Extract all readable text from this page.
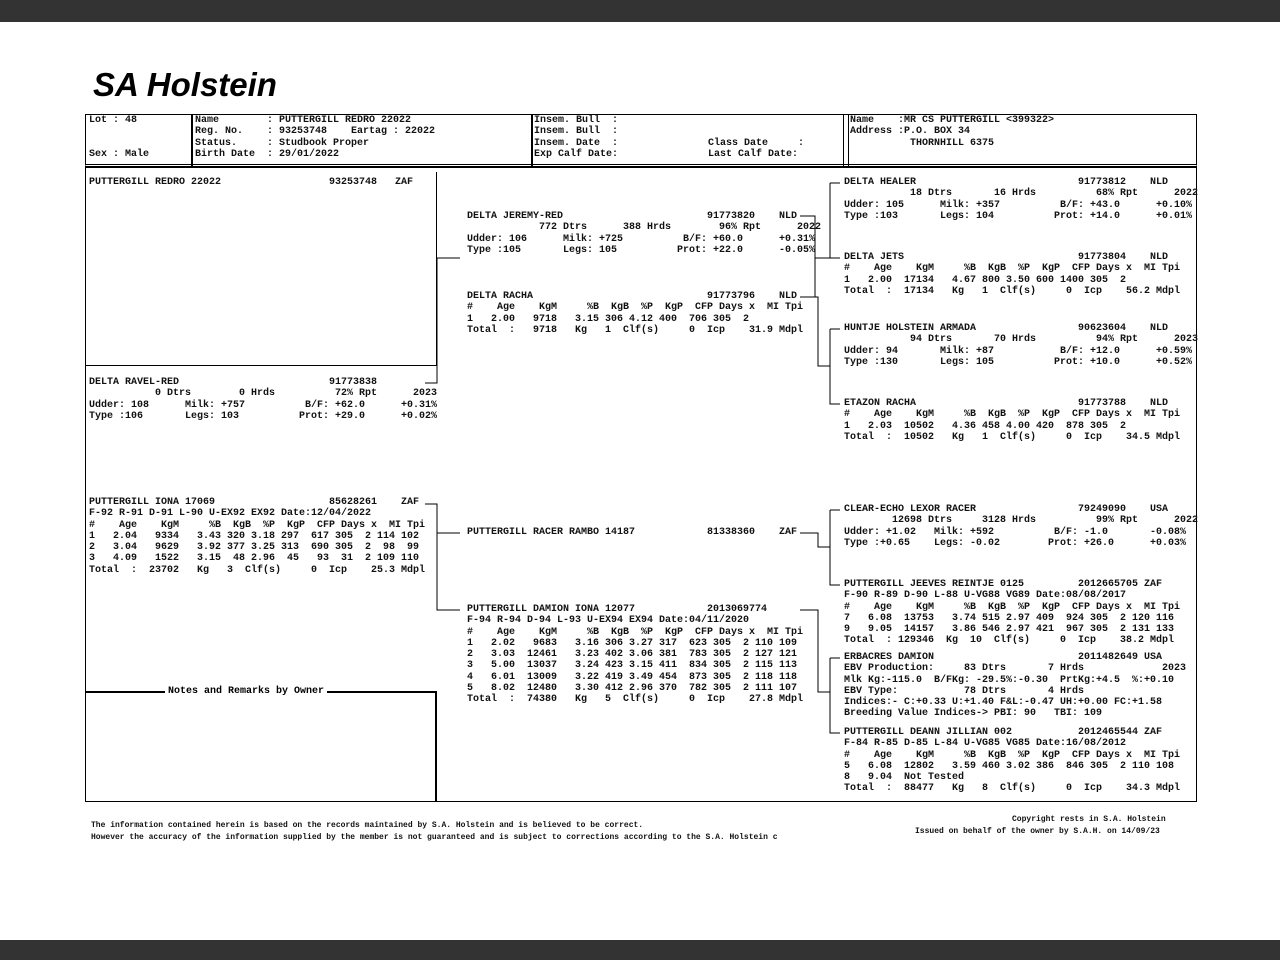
SA Holstein
Lot : 48
Sex : Male
Name        : PUTTERGILL REDRO 22022
Reg. No.    : 93253748    Eartag : 22022
Status.     : Studbook Proper
Birth Date  : 29/01/2022
Insem. Bull  :
Insem. Bull  :
Insem. Date  :               Class Date     :
Exp Calf Date:               Last Calf Date:
Name    :MR CS PUTTERGILL <399322>
Address :P.O. BOX 34
THORNHILL 6375
Notes and Remarks by Owner
PUTTERGILL REDRO 22022                  93253748   ZAF
DELTA RAVEL-RED                         91773838
0 Dtrs        0 Hrds          72% Rpt      2023
Udder: 108      Milk: +757          B/F: +62.0      +0.31%
Type :106       Legs: 103          Prot: +29.0      +0.02%
DELTA JEREMY-RED                        91773820    NLD
772 Dtrs      388 Hrds        96% Rpt      2022
Udder: 106      Milk: +725          B/F: +60.0      +0.31%
Type :105       Legs: 105          Prot: +22.0      -0.05%
DELTA RACHA                             91773796    NLD
#    Age    KgM     %B  KgB  %P  KgP  CFP Days x  MI Tpi
1   2.00   9718   3.15 306 4.12 400  706 305  2
Total  :   9718   Kg   1  Clf(s)     0  Icp    31.9 Mdpl
DELTA HEALER                           91773812    NLD
18 Dtrs       16 Hrds          68% Rpt      2022
Udder: 105      Milk: +357          B/F: +43.0      +0.10%
Type :103       Legs: 104          Prot: +14.0      +0.01%
DELTA JETS                             91773804    NLD
#    Age    KgM     %B  KgB  %P  KgP  CFP Days x  MI Tpi
1   2.00  17134   4.67 800 3.50 600 1400 305  2
Total  :  17134   Kg   1  Clf(s)     0  Icp    56.2 Mdpl
HUNTJE HOLSTEIN ARMADA                 90623604    NLD
94 Dtrs       70 Hrds          94% Rpt      2023
Udder: 94       Milk: +87           B/F: +12.0      +0.59%
Type :130       Legs: 105          Prot: +10.0      +0.52%
ETAZON RACHA                           91773788    NLD
#    Age    KgM     %B  KgB  %P  KgP  CFP Days x  MI Tpi
1   2.03  10502   4.36 458 4.00 420  878 305  2
Total  :  10502   Kg   1  Clf(s)     0  Icp    34.5 Mdpl
PUTTERGILL IONA 17069                   85628261    ZAF
F-92 R-91 D-91 L-90 U-EX92 EX92 Date:12/04/2022
#    Age    KgM     %B  KgB  %P  KgP  CFP Days x  MI Tpi
1   2.04   9334   3.43 320 3.18 297  617 305  2 114 102
2   3.04   9629   3.92 377 3.25 313  690 305  2  98  99
3   4.09   1522   3.15  48 2.96  45   93  31  2 109 110
Total  :  23702   Kg   3  Clf(s)     0  Icp    25.3 Mdpl
PUTTERGILL RACER RAMBO 14187            81338360    ZAF
PUTTERGILL DAMION IONA 12077            2013069774
F-94 R-94 D-94 L-93 U-EX94 EX94 Date:04/11/2020
#    Age    KgM     %B  KgB  %P  KgP  CFP Days x  MI Tpi
1   2.02   9683   3.16 306 3.27 317  623 305  2 110 109
2   3.03  12461   3.23 402 3.06 381  783 305  2 127 121
3   5.00  13037   3.24 423 3.15 411  834 305  2 115 113
4   6.01  13009   3.22 419 3.49 454  873 305  2 118 118
5   8.02  12480   3.30 412 2.96 370  782 305  2 111 107
Total  :  74380   Kg   5  Clf(s)     0  Icp    27.8 Mdpl
CLEAR-ECHO LEXOR RACER                 79249090    USA
12698 Dtrs     3128 Hrds          99% Rpt      2022
Udder: +1.02   Milk: +592          B/F: -1.0       -0.08%
Type :+0.65    Legs: -0.02        Prot: +26.0      +0.03%
PUTTERGILL JEEVES REINTJE 0125         2012665705 ZAF
F-90 R-89 D-90 L-88 U-VG88 VG89 Date:08/08/2017
#    Age    KgM     %B  KgB  %P  KgP  CFP Days x  MI Tpi
7   6.08  13753   3.74 515 2.97 409  924 305  2 120 116
9   9.05  14157   3.86 546 2.97 421  967 305  2 131 133
Total  : 129346  Kg  10  Clf(s)     0  Icp    38.2 Mdpl
ERBACRES DAMION                        2011482649 USA
EBV Production:     83 Dtrs       7 Hrds             2023
Mlk Kg:-115.0  B/FKg: -29.5%:-0.30  PrtKg:+4.5  %:+0.10
EBV Type:           78 Dtrs       4 Hrds
Indices:- C:+0.33 U:+1.40 F&L:-0.47 UH:+0.00 FC:+1.58
Breeding Value Indices-> PBI: 90   TBI: 109
PUTTERGILL DEANN JILLIAN 002           2012465544 ZAF
F-84 R-85 D-85 L-84 U-VG85 VG85 Date:16/08/2012
#    Age    KgM     %B  KgB  %P  KgP  CFP Days x  MI Tpi
5   6.08  12802   3.59 460 3.02 386  846 305  2 110 108
8   9.04  Not Tested
Total  :  88477   Kg   8  Clf(s)     0  Icp    34.3 Mdpl
The information contained herein is based on the records maintained by S.A. Holstein and is believed to be correct.
However the accuracy of the information supplied by the member is not guaranteed and is subject to corrections according to the S.A. Holstein c
Copyright rests in S.A. Holstein
Issued on behalf of the owner by S.A.H. on 14/09/23
